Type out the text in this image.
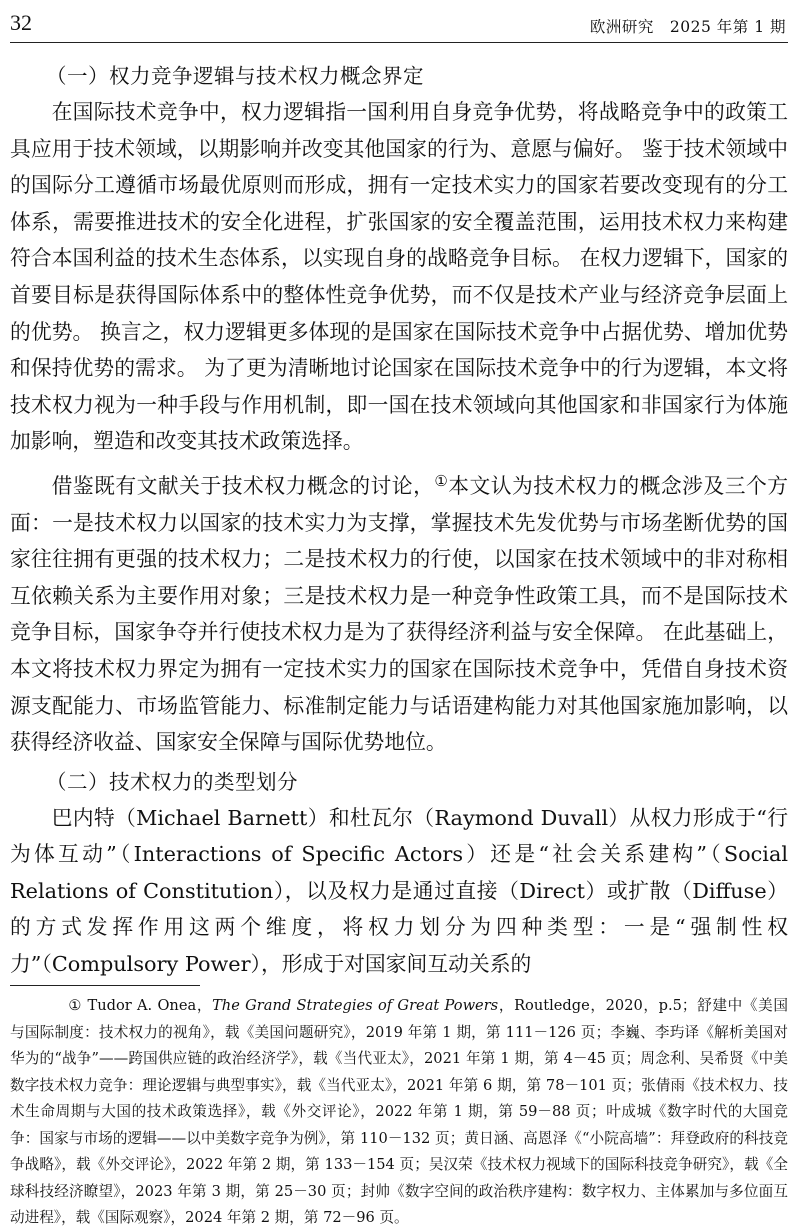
32	欧洲研究　2025 年第 1 期
（一）权力竞争逻辑与技术权力概念界定

在国际技术竞争中，权力逻辑指一国利用自身竞争优势，将战略竞争中的政策工具应用于技术领域，以期影响并改变其他国家的行为、意愿与偏好。 鉴于技术领域中的国际分工遵循市场最优原则而形成，拥有一定技术实力的国家若要改变现有的分工体系，需要推进技术的安全化进程，扩张国家的安全覆盖范围，运用技术权力来构建符合本国利益的技术生态体系，以实现自身的战略竞争目标。 在权力逻辑下，国家的首要目标是获得国际体系中的整体性竞争优势，而不仅是技术产业与经济竞争层面上的优势。 换言之，权力逻辑更多体现的是国家在国际技术竞争中占据优势、增加优势和保持优势的需求。 为了更为清晰地讨论国家在国际技术竞争中的行为逻辑，本文将技术权力视为一种手段与作用机制，即一国在技术领域向其他国家和非国家行为体施加影响，塑造和改变其技术政策选择。

借鉴既有文献关于技术权力概念的讨论，①本文认为技术权力的概念涉及三个方面：一是技术权力以国家的技术实力为支撑，掌握技术先发优势与市场垄断优势的国家往往拥有更强的技术权力；二是技术权力的行使，以国家在技术领域中的非对称相互依赖关系为主要作用对象；三是技术权力是一种竞争性政策工具，而不是国际技术竞争目标，国家争夺并行使技术权力是为了获得经济利益与安全保障。 在此基础上，本文将技术权力界定为拥有一定技术实力的国家在国际技术竞争中，凭借自身技术资源支配能力、市场监管能力、标准制定能力与话语建构能力对其他国家施加影响，以获得经济收益、国家安全保障与国际优势地位。

（二）技术权力的类型划分

巴内特（Michael Barnett）和杜瓦尔（Raymond Duvall）从权力形成于“行为体互动”（Interactions of Specific Actors）还是“社会关系建构”（Social Relations of Constitution），以及权力是通过直接（Direct）或扩散（Diffuse）的方式发挥作用这两个维度，将权力划分为四种类型：一是“强制性权力”（Compulsory Power），形成于对国家间互动关系的

① Tudor A. Onea，The Grand Strategies of Great Powers，Routledge，2020，p.5；舒建中《美国与国际制度：技术权力的视角》，载《美国问题研究》，2019 年第 1 期，第 111－126 页；李巍、李玙译《解析美国对华为的“战争”——跨国供应链的政治经济学》，载《当代亚太》，2021 年第 1 期，第 4－45 页；周念利、吴希贤《中美数字技术权力竞争：理论逻辑与典型事实》，载《当代亚太》，2021 年第 6 期，第 78－101 页；张倩雨《技术权力、技术生命周期与大国的技术政策选择》，载《外交评论》，2022 年第 1 期，第 59－88 页；叶成城《数字时代的大国竞争：国家与市场的逻辑——以中美数字竞争为例》，第 110－132 页；黄日涵、高恩泽《“小院高墙”：拜登政府的科技竞争战略》，载《外交评论》，2022 年第 2 期，第 133－154 页；吴汉荣《技术权力视域下的国际科技竞争研究》，载《全球科技经济瞭望》，2023 年第 3 期，第 25－30 页；封帅《数字空间的政治秩序建构：数字权力、主体累加与多位面互动进程》，载《国际观察》，2024 年第 2 期，第 72－96 页。
